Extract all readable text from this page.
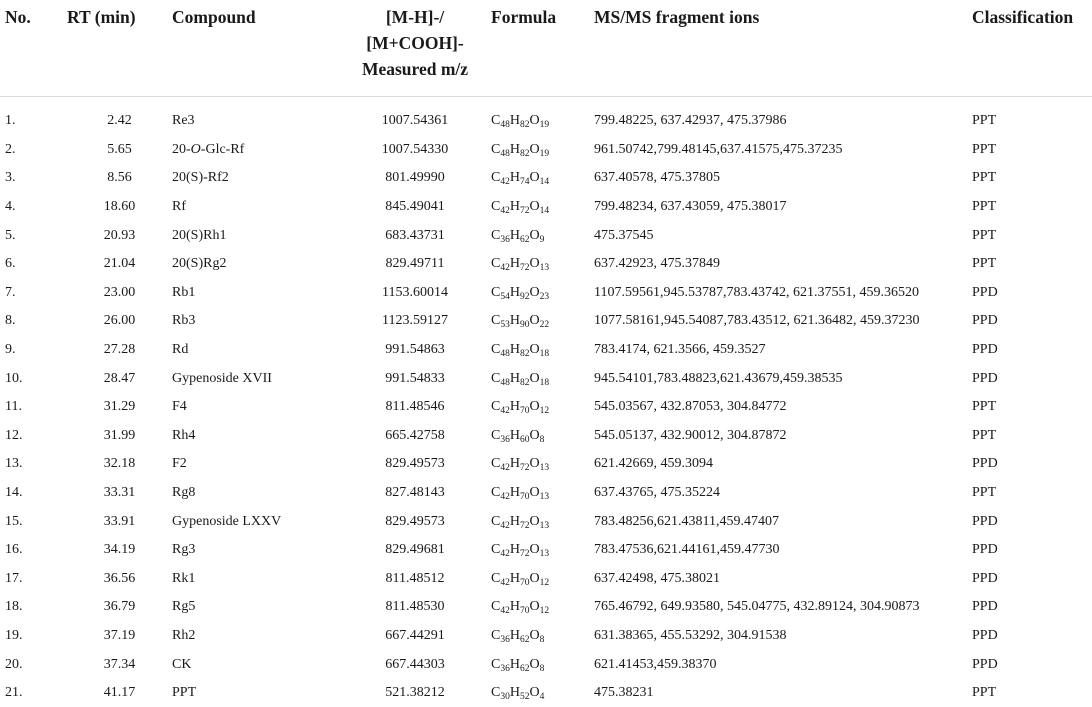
No.	RT (min)	Compound	[M-H]-/
[M+COOH]-
Measured m/z	Formula	MS/MS fragment ions	Classification

1.	2.42	Re3	1007.54361	$C_{48}H_{82}O_{19}$	799.48225, 637.42937, 475.37986	PPT
2.	5.65	20-O-Glc-Rf	1007.54330	$C_{48}H_{82}O_{19}$	961.50742,799.48145,637.41575,475.37235	PPT
3.	8.56	20(S)-Rf2	801.49990	$C_{42}H_{74}O_{14}$	637.40578, 475.37805	PPT
4.	18.60	Rf	845.49041	$C_{42}H_{72}O_{14}$	799.48234, 637.43059, 475.38017	PPT
5.	20.93	20(S)Rh1	683.43731	$C_{36}H_{62}O_9$	475.37545	PPT
6.	21.04	20(S)Rg2	829.49711	$C_{42}H_{72}O_{13}$	637.42923, 475.37849	PPT
7.	23.00	Rb1	1153.60014	$C_{54}H_{92}O_{23}$	1107.59561,945.53787,783.43742, 621.37551, 459.36520	PPD
8.	26.00	Rb3	1123.59127	$C_{53}H_{90}O_{22}$	1077.58161,945.54087,783.43512, 621.36482, 459.37230	PPD
9.	27.28	Rd	991.54863	$C_{48}H_{82}O_{18}$	783.4174, 621.3566, 459.3527	PPD
10.	28.47	Gypenoside XVII	991.54833	$C_{48}H_{82}O_{18}$	945.54101,783.48823,621.43679,459.38535	PPD
11.	31.29	F4	811.48546	$C_{42}H_{70}O_{12}$	545.03567, 432.87053, 304.84772	PPT
12.	31.99	Rh4	665.42758	$C_{36}H_{60}O_8$	545.05137, 432.90012, 304.87872	PPT
13.	32.18	F2	829.49573	$C_{42}H_{72}O_{13}$	621.42669, 459.3094	PPD
14.	33.31	Rg8	827.48143	$C_{42}H_{70}O_{13}$	637.43765, 475.35224	PPT
15.	33.91	Gypenoside LXXV	829.49573	$C_{42}H_{72}O_{13}$	783.48256,621.43811,459.47407	PPD
16.	34.19	Rg3	829.49681	$C_{42}H_{72}O_{13}$	783.47536,621.44161,459.47730	PPD
17.	36.56	Rk1	811.48512	$C_{42}H_{70}O_{12}$	637.42498, 475.38021	PPD
18.	36.79	Rg5	811.48530	$C_{42}H_{70}O_{12}$	765.46792, 649.93580, 545.04775, 432.89124, 304.90873	PPD
19.	37.19	Rh2	667.44291	$C_{36}H_{62}O_8$	631.38365, 455.53292, 304.91538	PPD
20.	37.34	CK	667.44303	$C_{36}H_{62}O_8$	621.41453,459.38370	PPD
21.	41.17	PPT	521.38212	$C_{30}H_{52}O_4$	475.38231	PPT
